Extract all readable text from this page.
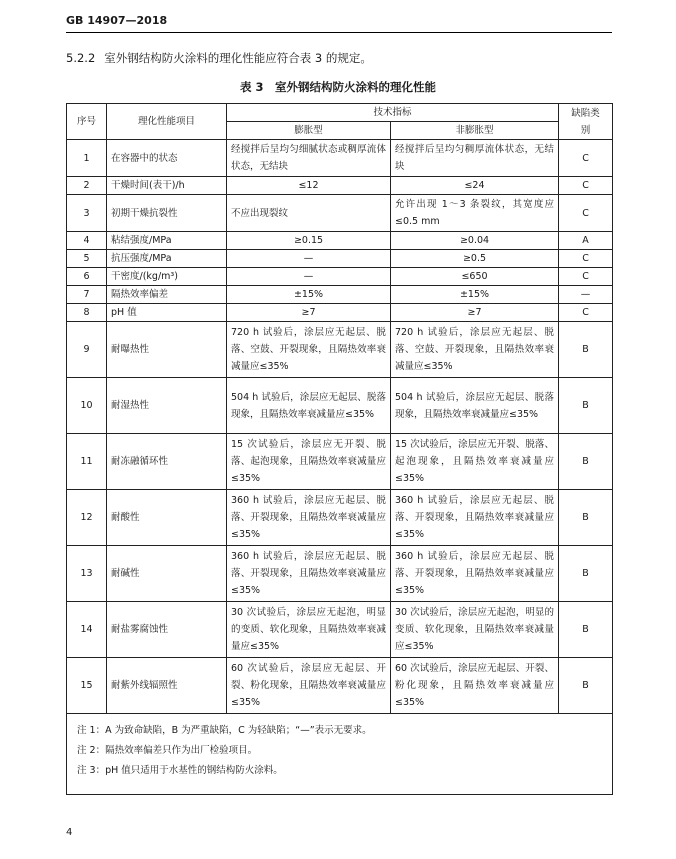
GB 14907—2018
5.2.2 室外钢结构防火涂料的理化性能应符合表 3 的规定。
表 3　室外钢结构防火涂料的理化性能
序号	理化性能项目	技术指标		缺陷类别
		膨胀型	非膨胀型	
1	在容器中的状态	经搅拌后呈均匀细腻状态或稠厚流体状态，无结块	经搅拌后呈均匀稠厚流体状态，无结块	C
2	干燥时间(表干)/h	≤12	≤24	C
3	初期干燥抗裂性	不应出现裂纹	允许出现 1～3 条裂纹，其宽度应≤0.5 mm	C
4	粘结强度/MPa	≥0.15	≥0.04	A
5	抗压强度/MPa	—	≥0.5	C
6	干密度/(kg/m³)	—	≤650	C
7	隔热效率偏差	±15%	±15%	—
8	pH 值	≥7	≥7	C
9	耐曝热性	720 h 试验后，涂层应无起层、脱落、空鼓、开裂现象，且隔热效率衰减量应≤35%	720 h 试验后，涂层应无起层、脱落、空鼓、开裂现象，且隔热效率衰减量应≤35%	B
10	耐湿热性	504 h 试验后，涂层应无起层、脱落现象，且隔热效率衰减量应≤35%	504 h 试验后，涂层应无起层、脱落现象，且隔热效率衰减量应≤35%	B
11	耐冻融循环性	15 次试验后，涂层应无开裂、脱落、起泡现象，且隔热效率衰减量应≤35%	15 次试验后，涂层应无开裂、脱落、起泡现象，且隔热效率衰减量应≤35%	B
12	耐酸性	360 h 试验后，涂层应无起层、脱落、开裂现象，且隔热效率衰减量应≤35%	360 h 试验后，涂层应无起层、脱落、开裂现象，且隔热效率衰减量应≤35%	B
13	耐碱性	360 h 试验后，涂层应无起层、脱落、开裂现象，且隔热效率衰减量应≤35%	360 h 试验后，涂层应无起层、脱落、开裂现象，且隔热效率衰减量应≤35%	B
14	耐盐雾腐蚀性	30 次试验后，涂层应无起泡，明显的变质、软化现象，且隔热效率衰减量应≤35%	30 次试验后，涂层应无起泡，明显的变质、软化现象，且隔热效率衰减量应≤35%	B
15	耐紫外线辐照性	60 次试验后，涂层应无起层、开裂、粉化现象，且隔热效率衰减量应≤35%	60 次试验后，涂层应无起层、开裂、粉化现象，且隔热效率衰减量应≤35%	B

注 1：A 为致命缺陷，B 为严重缺陷，C 为轻缺陷；“—”表示无要求。
注 2：隔热效率偏差只作为出厂检验项目。
注 3：pH 值只适用于水基性的钢结构防火涂料。				
4
